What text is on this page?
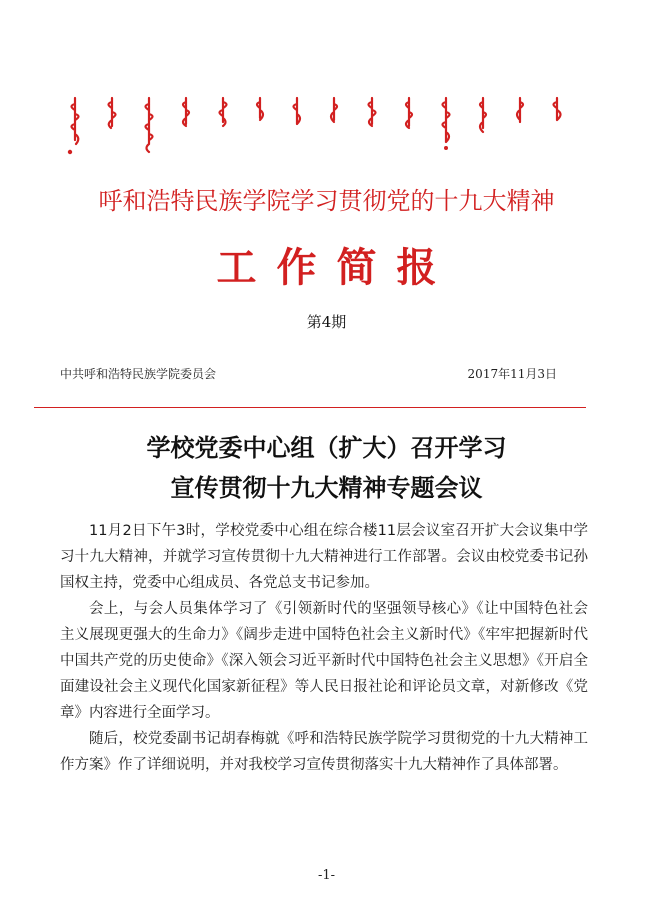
呼和浩特民族学院学习贯彻党的十九大精神
工作简报
第4期
中共呼和浩特民族学院委员会	2017年11月3日
学校党委中心组（扩大）召开学习
宣传贯彻十九大精神专题会议

11月2日下午3时，学校党委中心组在综合楼11层会议室召开扩大会议集中学习十九大精神，并就学习宣传贯彻十九大精神进行工作部署。会议由校党委书记孙国权主持，党委中心组成员、各党总支书记参加。

会上，与会人员集体学习了《引领新时代的坚强领导核心》《让中国特色社会主义展现更强大的生命力》《阔步走进中国特色社会主义新时代》《牢牢把握新时代中国共产党的历史使命》《深入领会习近平新时代中国特色社会主义思想》《开启全面建设社会主义现代化国家新征程》等人民日报社论和评论员文章，对新修改《党章》内容进行全面学习。

随后，校党委副书记胡春梅就《呼和浩特民族学院学习贯彻党的十九大精神工作方案》作了详细说明，并对我校学习宣传贯彻落实十九大精神作了具体部署。

-1-
